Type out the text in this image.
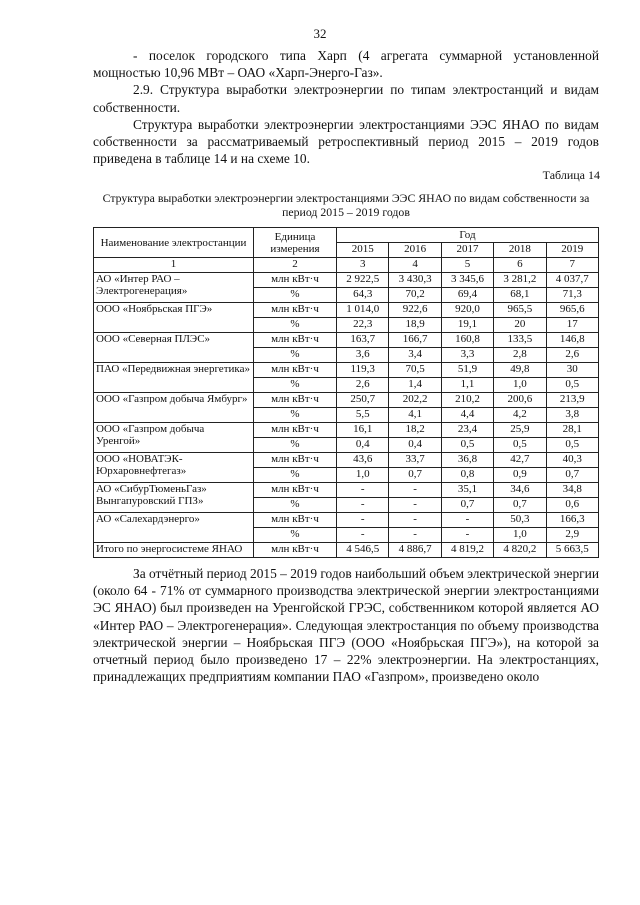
32

- поселок городского типа Харп (4 агрегата суммарной установленной мощностью 10,96 МВт – ОАО «Харп-Энерго-Газ».

2.9. Структура выработки электроэнергии по типам электростанций и видам собственности.

Структура выработки электроэнергии электростанциями ЭЭС ЯНАО по видам собственности за рассматриваемый ретроспективный период 2015 – 2019 годов приведена в таблице 14 и на схеме 10.

Таблица 14
Структура выработки электроэнергии электростанциями ЭЭС ЯНАО по видам собственности за период 2015 – 2019 годов
Наименование электростанции	Единица измерения	Год				
		2015	2016	2017	2018	2019
1	2	3	4	5	6	7
АО «Интер РАО – Электрогенерация»	млн кВт·ч	2 922,5	3 430,3	3 345,6	3 281,2	4 037,7
	%	64,3	70,2	69,4	68,1	71,3
ООО «Ноябрьская ПГЭ»	млн кВт·ч	1 014,0	922,6	920,0	965,5	965,6
	%	22,3	18,9	19,1	20	17
ООО «Северная ПЛЭС»	млн кВт·ч	163,7	166,7	160,8	133,5	146,8
	%	3,6	3,4	3,3	2,8	2,6
ПАО «Передвижная энергетика»	млн кВт·ч	119,3	70,5	51,9	49,8	30
	%	2,6	1,4	1,1	1,0	0,5
ООО «Газпром добыча Ямбург»	млн кВт·ч	250,7	202,2	210,2	200,6	213,9
	%	5,5	4,1	4,4	4,2	3,8
ООО «Газпром добыча Уренгой»	млн кВт·ч	16,1	18,2	23,4	25,9	28,1
	%	0,4	0,4	0,5	0,5	0,5
ООО «НОВАТЭК-Юрхаровнефтегаз»	млн кВт·ч	43,6	33,7	36,8	42,7	40,3
	%	1,0	0,7	0,8	0,9	0,7
АО «СибурТюменьГаз» Вынгапуровский ГПЗ»	млн кВт·ч	-	-	35,1	34,6	34,8
	%	-	-	0,7	0,7	0,6
АО «Салехардэнерго»	млн кВт·ч	-	-	-	50,3	166,3
	%	-	-	-	1,0	2,9
Итого по энергосистеме ЯНАО	млн кВт·ч	4 546,5	4 886,7	4 819,2	4 820,2	5 663,5

За отчётный период 2015 – 2019 годов наибольший объем электрической энергии (около 64 - 71% от суммарного производства электрической энергии электростанциями ЭС ЯНАО) был произведен на Уренгойской ГРЭС, собственником которой является АО «Интер РАО – Электрогенерация». Следующая электростанция по объему производства электрической энергии – Ноябрьская ПГЭ (ООО «Ноябрьская ПГЭ»), на которой за отчетный период было произведено 17 – 22% электроэнергии. На электростанциях, принадлежащих предприятиям компании ПАО «Газпром», произведено около
